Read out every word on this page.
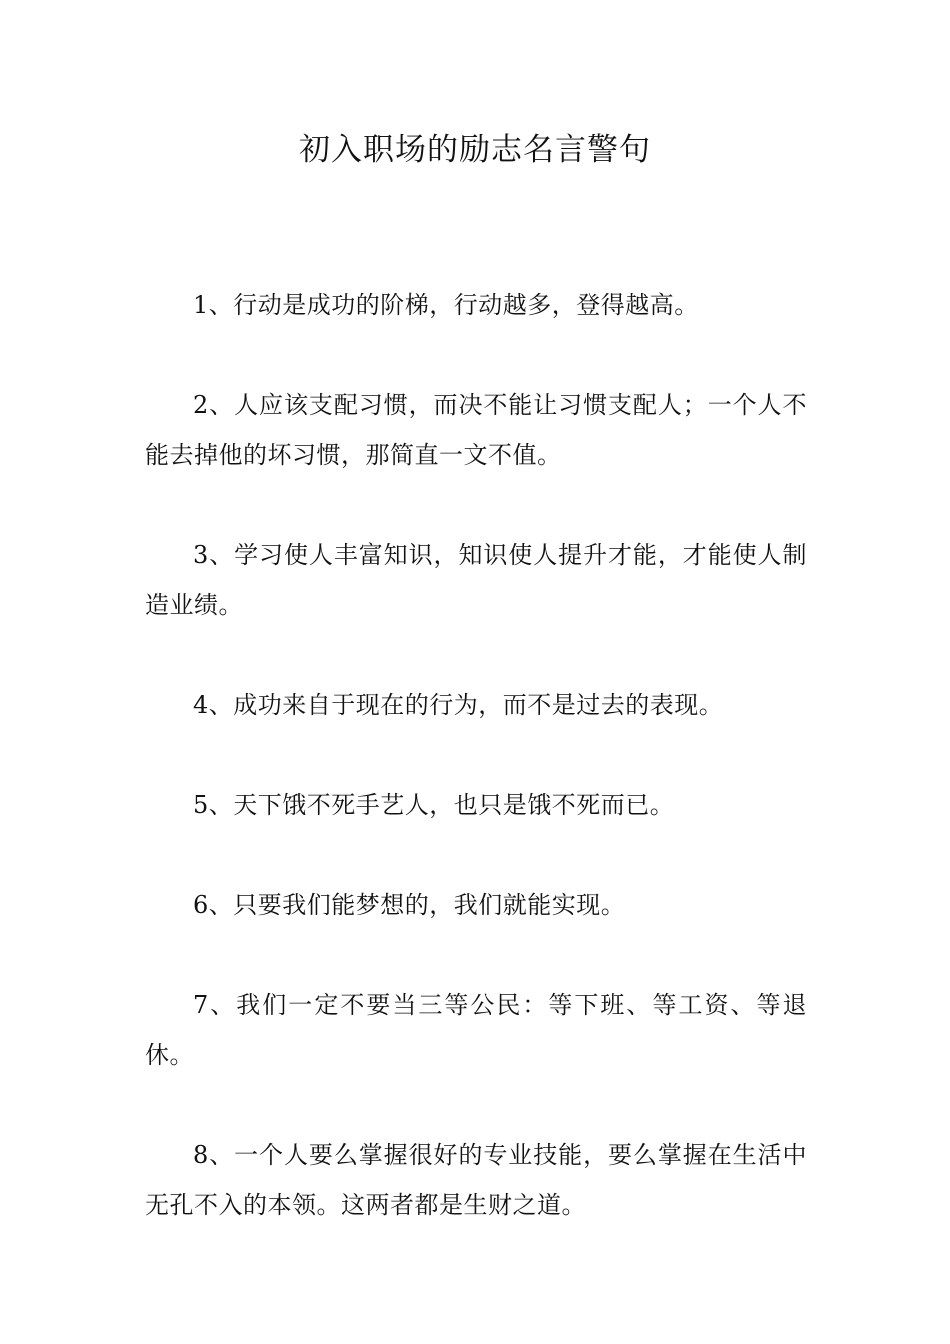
初入职场的励志名言警句

1、行动是成功的阶梯，行动越多，登得越高。

2、人应该支配习惯，而决不能让习惯支配人；一个人不能去掉他的坏习惯，那简直一文不值。

3、学习使人丰富知识，知识使人提升才能，才能使人制造业绩。

4、成功来自于现在的行为，而不是过去的表现。

5、天下饿不死手艺人，也只是饿不死而已。

6、只要我们能梦想的，我们就能实现。

7、我们一定不要当三等公民：等下班、等工资、等退休。

8、一个人要么掌握很好的专业技能，要么掌握在生活中无孔不入的本领。这两者都是生财之道。
